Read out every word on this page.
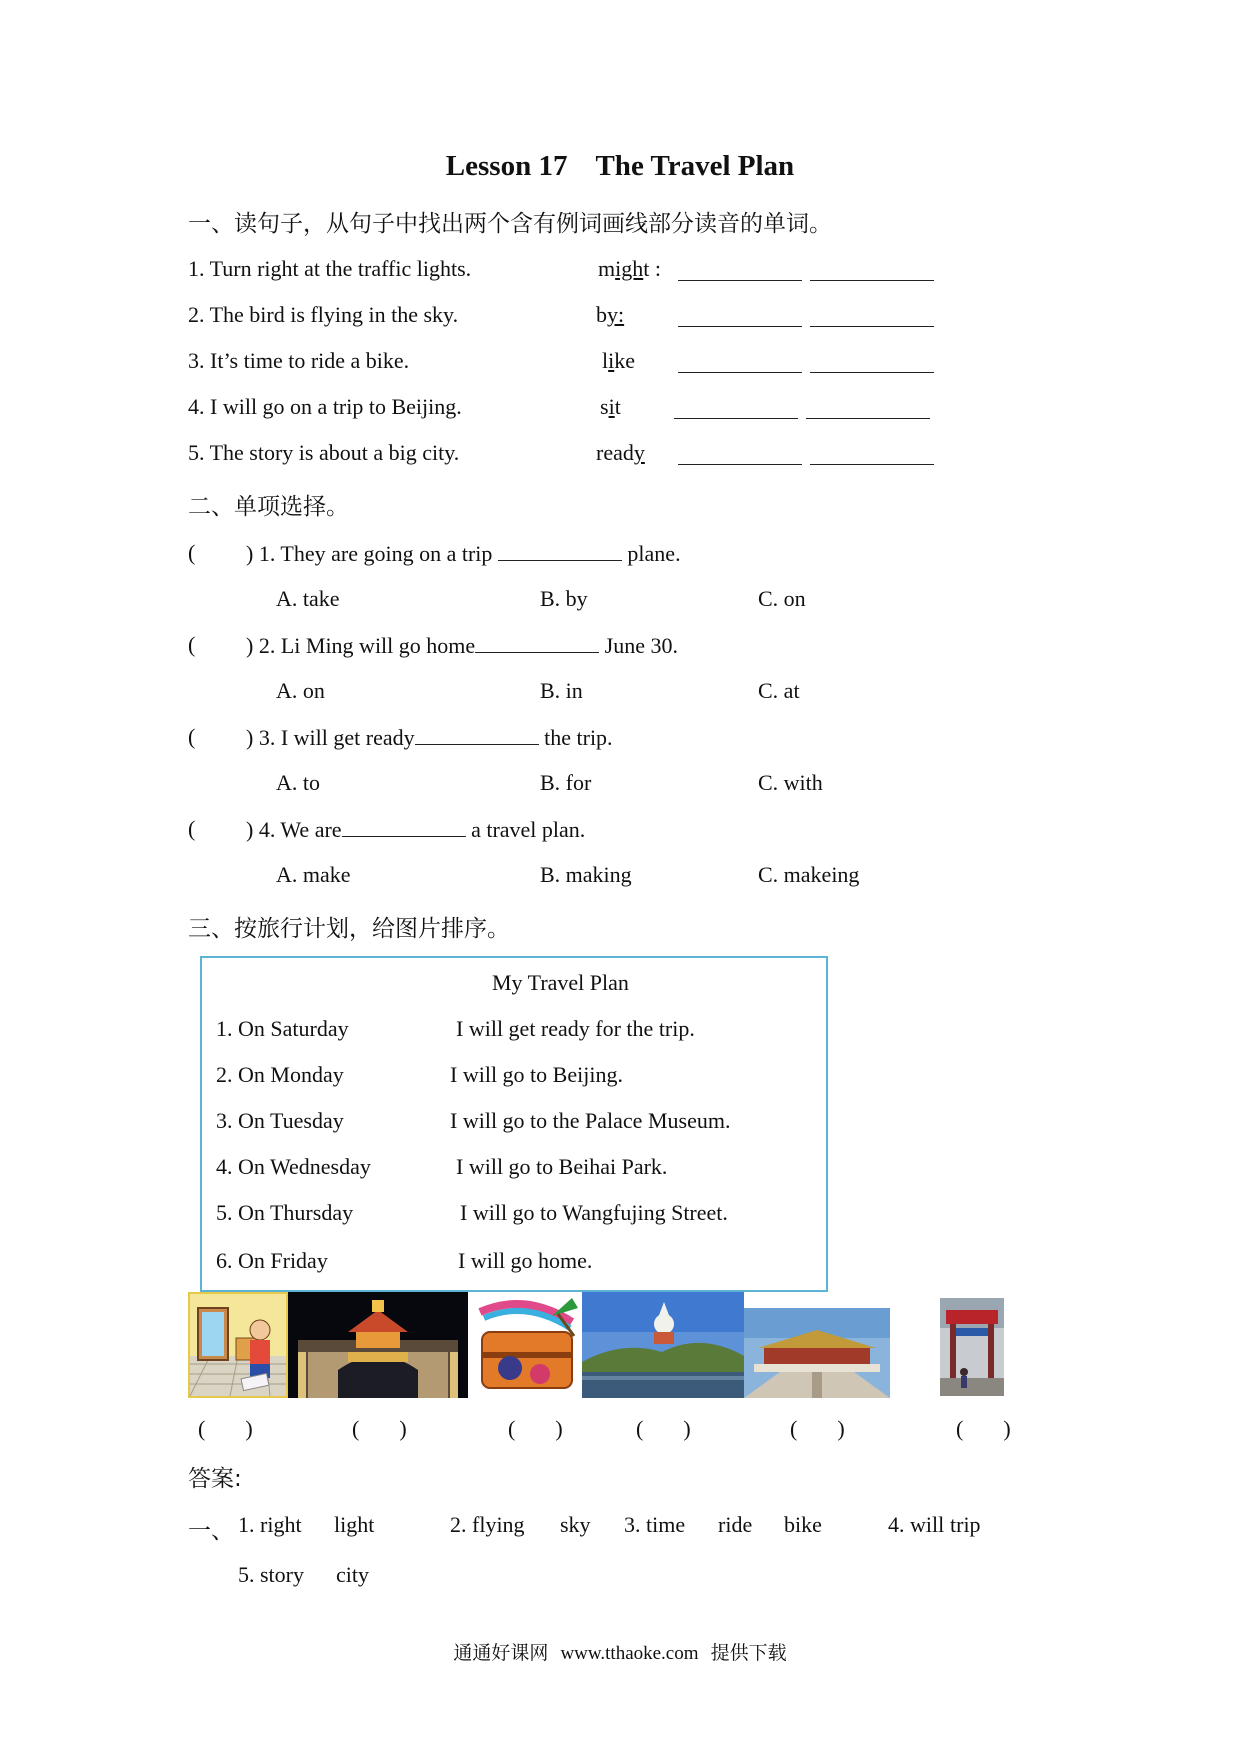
Lesson 17 The Travel Plan
一、读句子，从句子中找出两个含有例词画线部分读音的单词。
1. Turn right at the traffic lights.	might :

2. The bird is flying in the sky.	by:

3. It’s time to ride a bike.	like

4. I will go on a trip to Beijing.	sit

5. The story is about a big city.	ready

二、单项选择。
( ) 1. They are going on a trip	plane.
A. take	B. by	C. on
( ) 2. Li Ming will go home	June 30.
A. on	B. in	C. at
( ) 3. I will get ready	the trip.
A. to	B. for	C. with
( ) 4. We are	a travel plan.
A. make	B. making	C. makeing
三、按旅行计划，给图片排序。
My Travel Plan
1. On Saturday	I will get ready for the trip.
2. On Monday	I will go to Beijing.
3. On Tuesday	I will go to the Palace Museum.
4. On Wednesday	I will go to Beihai Park.
5. On Thursday	I will go to Wangfujing Street.
6. On Friday	I will go home.
( )	( )	( )	( )	( )	( )
答案:
一、 1. right light	2. flying sky 3. time ride bike	4. will trip
5. story city
通通好课网 www.tthaoke.com 提供下载
